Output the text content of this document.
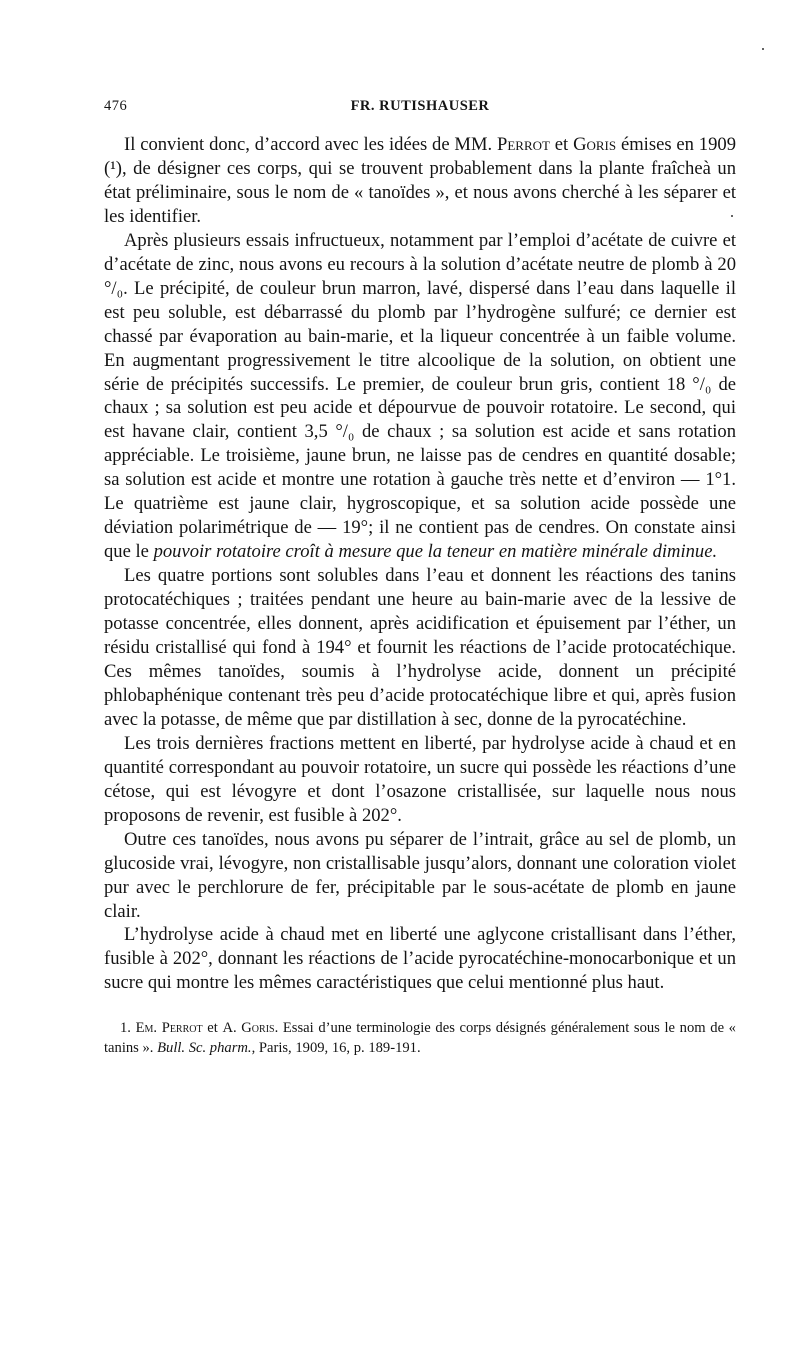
476	FR. RUTISHAUSER

Il convient donc, d’accord avec les idées de MM. Perrot et Goris émises en 1909 (¹), de désigner ces corps, qui se trouvent probablement dans la plante fraîcheà un état préliminaire, sous le nom de « tanoïdes », et nous avons cherché à les séparer et les identifier.

Après plusieurs essais infructueux, notamment par l’emploi d’acétate de cuivre et d’acétate de zinc, nous avons eu recours à la solution d’acétate neutre de plomb à 20 °/₀. Le précipité, de couleur brun marron, lavé, dispersé dans l’eau dans laquelle il est peu soluble, est débarrassé du plomb par l’hydrogène sulfuré; ce dernier est chassé par évaporation au bain-marie, et la liqueur concentrée à un faible volume. En augmentant progressivement le titre alcoolique de la solution, on obtient une série de précipités successifs. Le premier, de couleur brun gris, contient 18 °/₀ de chaux ; sa solution est peu acide et dépourvue de pouvoir rotatoire. Le second, qui est havane clair, contient 3,5 °/₀ de chaux ; sa solution est acide et sans rotation appréciable. Le troisième, jaune brun, ne laisse pas de cendres en quantité dosable; sa solution est acide et montre une rotation à gauche très nette et d’environ — 1°1. Le quatrième est jaune clair, hygroscopique, et sa solution acide possède une déviation polarimétrique de — 19°; il ne contient pas de cendres. On constate ainsi que le pouvoir rotatoire croît à mesure que la teneur en matière minérale diminue.

Les quatre portions sont solubles dans l’eau et donnent les réactions des tanins protocatéchiques ; traitées pendant une heure au bain-marie avec de la lessive de potasse concentrée, elles donnent, après acidification et épuisement par l’éther, un résidu cristallisé qui fond à 194° et fournit les réactions de l’acide protocatéchique. Ces mêmes tanoïdes, soumis à l’hydrolyse acide, donnent un précipité phlobaphénique contenant très peu d’acide protocatéchique libre et qui, après fusion avec la potasse, de même que par distillation à sec, donne de la pyrocatéchine.

Les trois dernières fractions mettent en liberté, par hydrolyse acide à chaud et en quantité correspondant au pouvoir rotatoire, un sucre qui possède les réactions d’une cétose, qui est lévogyre et dont l’osazone cristallisée, sur laquelle nous nous proposons de revenir, est fusible à 202°.

Outre ces tanoïdes, nous avons pu séparer de l’intrait, grâce au sel de plomb, un glucoside vrai, lévogyre, non cristallisable jusqu’alors, donnant une coloration violet pur avec le perchlorure de fer, précipitable par le sous-acétate de plomb en jaune clair.

L’hydrolyse acide à chaud met en liberté une aglycone cristallisant dans l’éther, fusible à 202°, donnant les réactions de l’acide pyrocatéchine-monocarbonique et un sucre qui montre les mêmes caractéristiques que celui mentionné plus haut.

1. Em. Perrot et A. Goris. Essai d’une terminologie des corps désignés généralement sous le nom de « tanins ». Bull. Sc. pharm., Paris, 1909, 16, p. 189-191.
